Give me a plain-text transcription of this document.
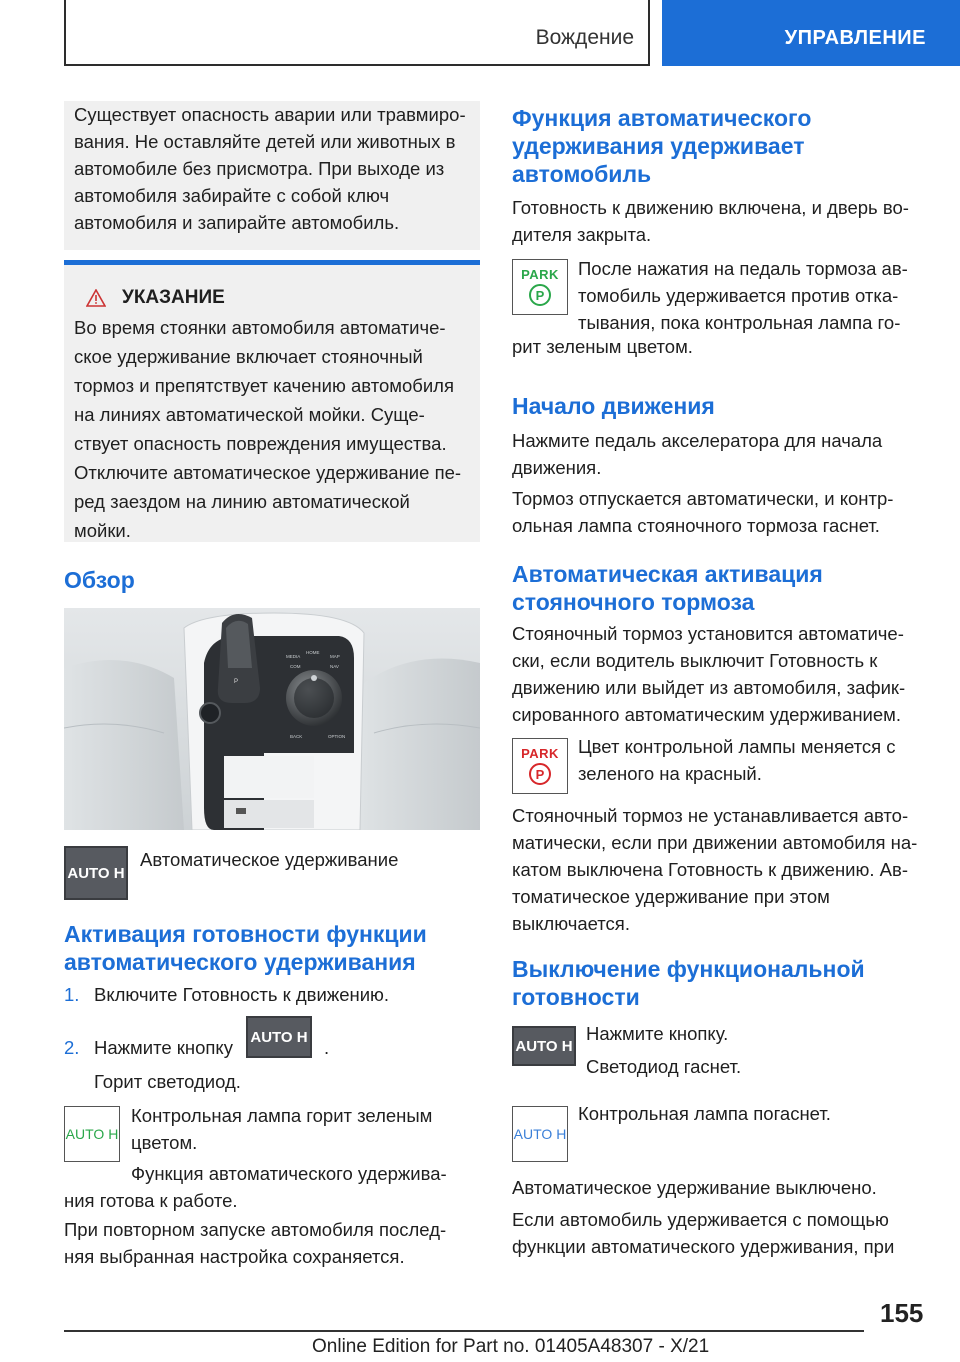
Вождение	УПРАВЛЕНИЕ

Существует опасность аварии или травмиро-

вания. Не оставляйте детей или животных в

автомобиле без присмотра. При выходе из

автомобиля забирайте с собой ключ

автомобиля и запирайте автомобиль.

УКАЗАНИЕ

Во время стоянки автомобиля автоматиче-

ское удерживание включает стояночный

тормоз и препятствует качению автомобиля

на линиях автоматической мойки. Суще-

ствует опасность повреждения имущества.

Отключите автоматическое удерживание пе-

ред заездом на линию автоматической

мойки.

Обзор
P
MEDIA
HOME
MAP
COM	NAV
BACK	OPTION
AUTO H

Автоматическое удерживание

Активация готовности функции
автоматического удерживания

1. Включите Готовность к движению.

2. Нажмите кнопку AUTO H .

Горит светодиод.

AUTO H

Контрольная лампа горит зеленым

цветом.

Функция автоматического удержива-

ния готова к работе.

При повторном запуске автомобиля послед-

няя выбранная настройка сохраняется.

Функция автоматического
удерживания удерживает
автомобиль

Готовность к движению включена, и дверь во-

дителя закрыта.

PARK
P

После нажатия на педаль тормоза ав-

томобиль удерживается против отка-

тывания, пока контрольная лампа го-

рит зеленым цветом.

Начало движения

Нажмите педаль акселератора для начала

движения.

Тормоз отпускается автоматически, и контр-

ольная лампа стояночного тормоза гаснет.

Автоматическая активация
стояночного тормоза

Стояночный тормоз установится автоматиче-

ски, если водитель выключит Готовность к

движению или выйдет из автомобиля, зафик-

сированного автоматическим удерживанием.

PARK
P

Цвет контрольной лампы меняется с

зеленого на красный.

Стояночный тормоз не устанавливается авто-

матически, если при движении автомобиля на-

катом выключена Готовность к движению. Ав-

томатическое удерживание при этом

выключается.

Выключение функциональной
готовности
AUTO H

Нажмите кнопку.

Светодиод гаснет.

AUTO H

Контрольная лампа погаснет.

Автоматическое удерживание выключено.

Если автомобиль удерживается с помощью

функции автоматического удерживания, при

155
Online Edition for Part no. 01405A48307 - X/21
